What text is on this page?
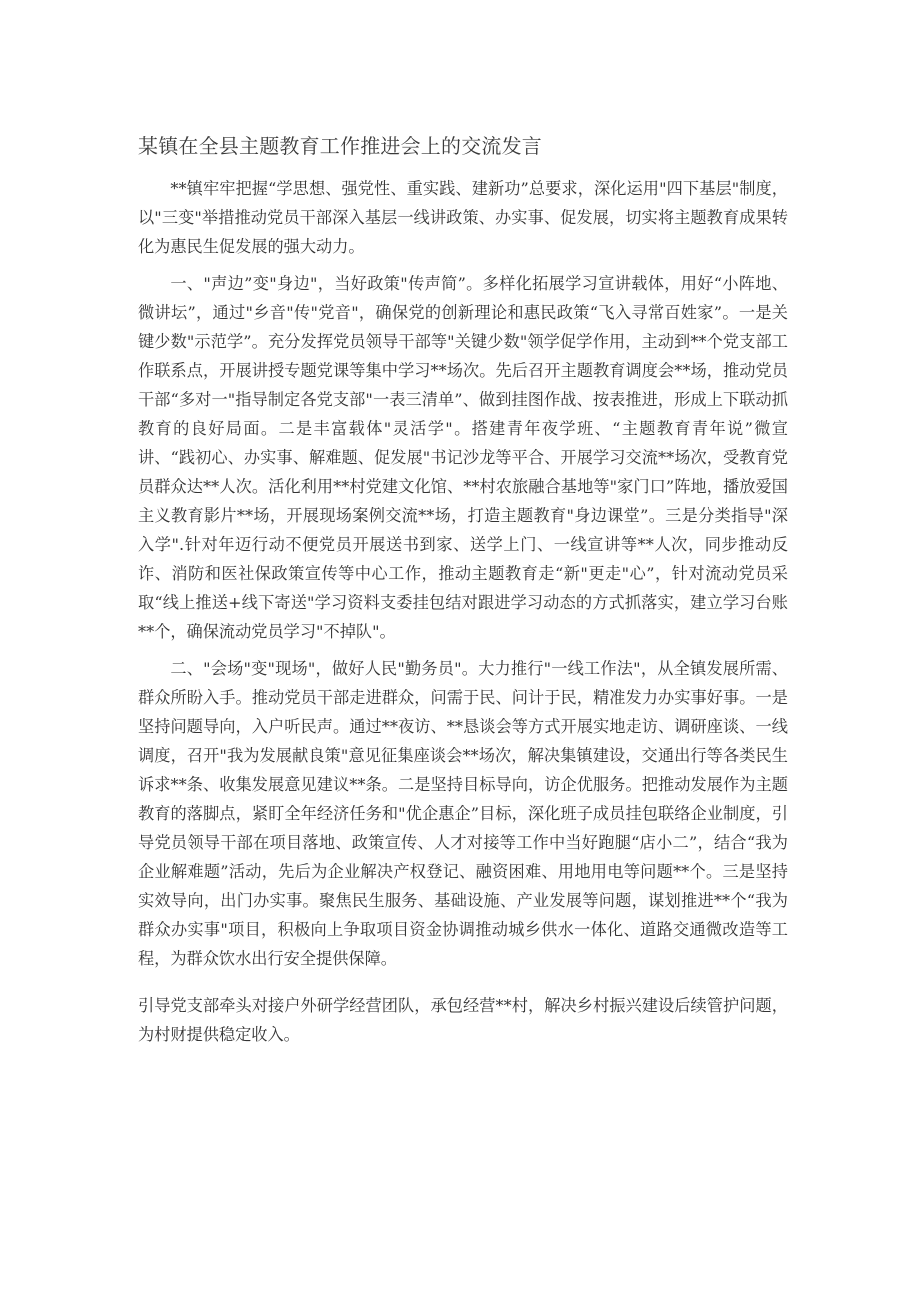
某镇在全县主题教育工作推进会上的交流发言

**镇牢牢把握“学思想、强党性、重实践、建新功”总要求，深化运用"四下基层"制度，以"三变"举措推动党员干部深入基层一线讲政策、办实事、促发展，切实将主题教育成果转化为惠民生促发展的强大动力。

一、"声边”变"身边"，当好政策"传声简”。多样化拓展学习宣讲载体，用好“小阵地、微讲坛”，通过"乡音"传"党音"，确保党的创新理论和惠民政策“飞入寻常百姓家”。一是关键少数"示范学”。充分发挥党员领导干部等"关键少数"领学促学作用，主动到**个党支部工作联系点，开展讲授专题党课等集中学习**场次。先后召开主题教育调度会**场，推动党员干部“多对一"指导制定各党支部"一表三清单”、做到挂图作战、按表推进，形成上下联动抓教育的良好局面。二是丰富载体"灵活学"。搭建青年夜学班、“主题教育青年说”微宣讲、“践初心、办实事、解难题、促发展"书记沙龙等平合、开展学习交流**场次，受教育党员群众达**人次。活化利用**村党建文化馆、**村农旅融合基地等"家门口”阵地，播放爱国主义教育影片**场，开展现场案例交流**场，打造主题教育"身边课堂”。三是分类指导"深入学".针对年迈行动不便党员开展送书到家、送学上门、一线宣讲等**人次，同步推动反诈、消防和医社保政策宣传等中心工作，推动主题教育走“新"更走"心”，针对流动党员采取“线上推送+线下寄送"学习资料支委挂包结对跟进学习动态的方式抓落实，建立学习台账**个，确保流动党员学习"不掉队"。

二、"会场"变"现场"，做好人民"勤务员"。大力推行"一线工作法"，从全镇发展所需、群众所盼入手。推动党员干部走进群众，问需于民、问计于民，精准发力办实事好事。一是坚持问题导向，入户听民声。通过**夜访、**恳谈会等方式开展实地走访、调研座谈、一线调度，召开"我为发展献良策"意见征集座谈会**场次，解决集镇建设，交通出行等各类民生诉求**条、收集发展意见建议**条。二是坚持目标导向，访企优服务。把推动发展作为主题教育的落脚点，紧盯全年经济任务和"优企惠企”目标，深化班子成员挂包联络企业制度，引导党员领导干部在项目落地、政策宣传、人才对接等工作中当好跑腿“店小二”，结合“我为企业解难题”活动，先后为企业解决产权登记、融资困难、用地用电等问题**个。三是坚持实效导向，出门办实事。聚焦民生服务、基础设施、产业发展等问题，谋划推进**个“我为群众办实事"项目，积极向上争取项目资金协调推动城乡供水一体化、道路交通微改造等工程，为群众饮水出行安全提供保障。

引导党支部牵头对接户外研学经营团队，承包经营**村，解决乡村振兴建设后续管护问题，为村财提供稳定收入。
